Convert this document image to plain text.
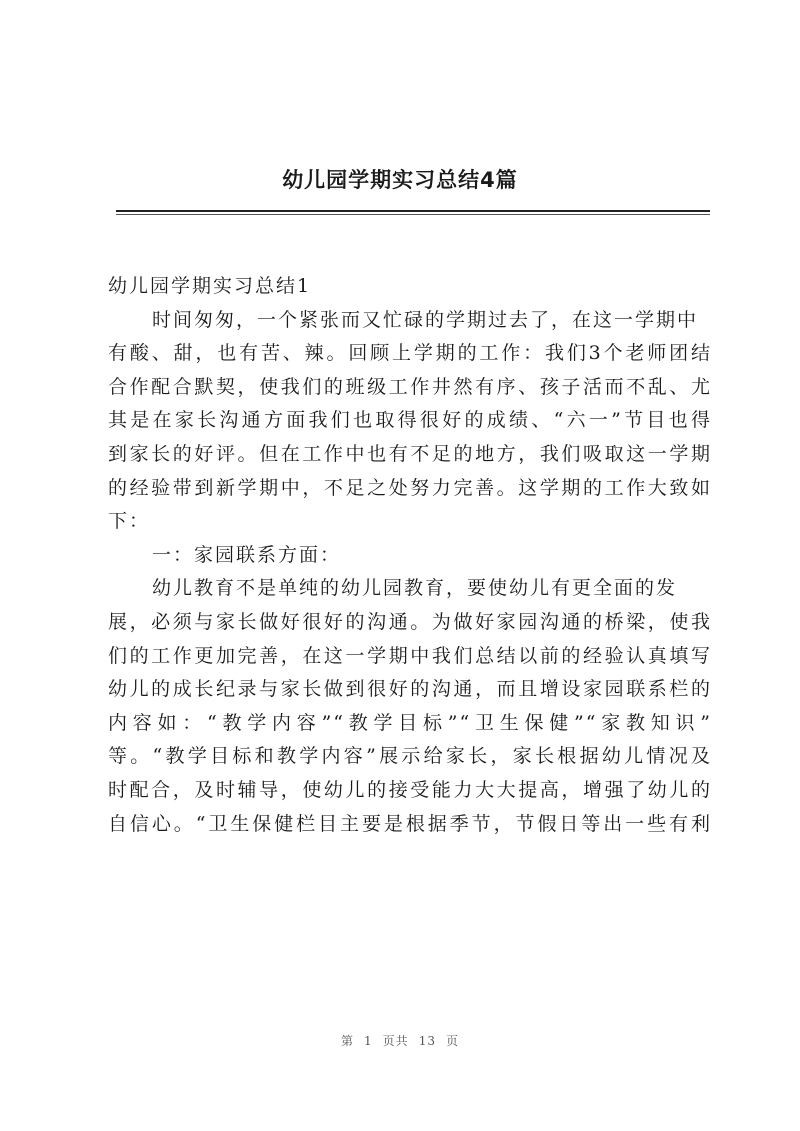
幼儿园学期实习总结4篇
幼儿园学期实习总结1
时间匆匆，一个紧张而又忙碌的学期过去了，在这一学期中
有酸、甜，也有苦、辣。回顾上学期的工作：我们3个老师团结
合作配合默契，使我们的班级工作井然有序、孩子活而不乱、尤
其是在家长沟通方面我们也取得很好的成绩、“六一”节目也得
到家长的好评。但在工作中也有不足的地方，我们吸取这一学期
的经验带到新学期中，不足之处努力完善。这学期的工作大致如
下：
一：家园联系方面：
幼儿教育不是单纯的幼儿园教育，要使幼儿有更全面的发
展，必须与家长做好很好的沟通。为做好家园沟通的桥梁，使我
们的工作更加完善，在这一学期中我们总结以前的经验认真填写
幼儿的成长纪录与家长做到很好的沟通，而且增设家园联系栏的
内容如：“教学内容”“教学目标”“卫生保健”“家教知识”
等。“教学目标和教学内容”展示给家长，家长根据幼儿情况及
时配合，及时辅导，使幼儿的接受能力大大提高，增强了幼儿的
自信心。“卫生保健栏目主要是根据季节，节假日等出一些有利
第 1 页共 13 页
